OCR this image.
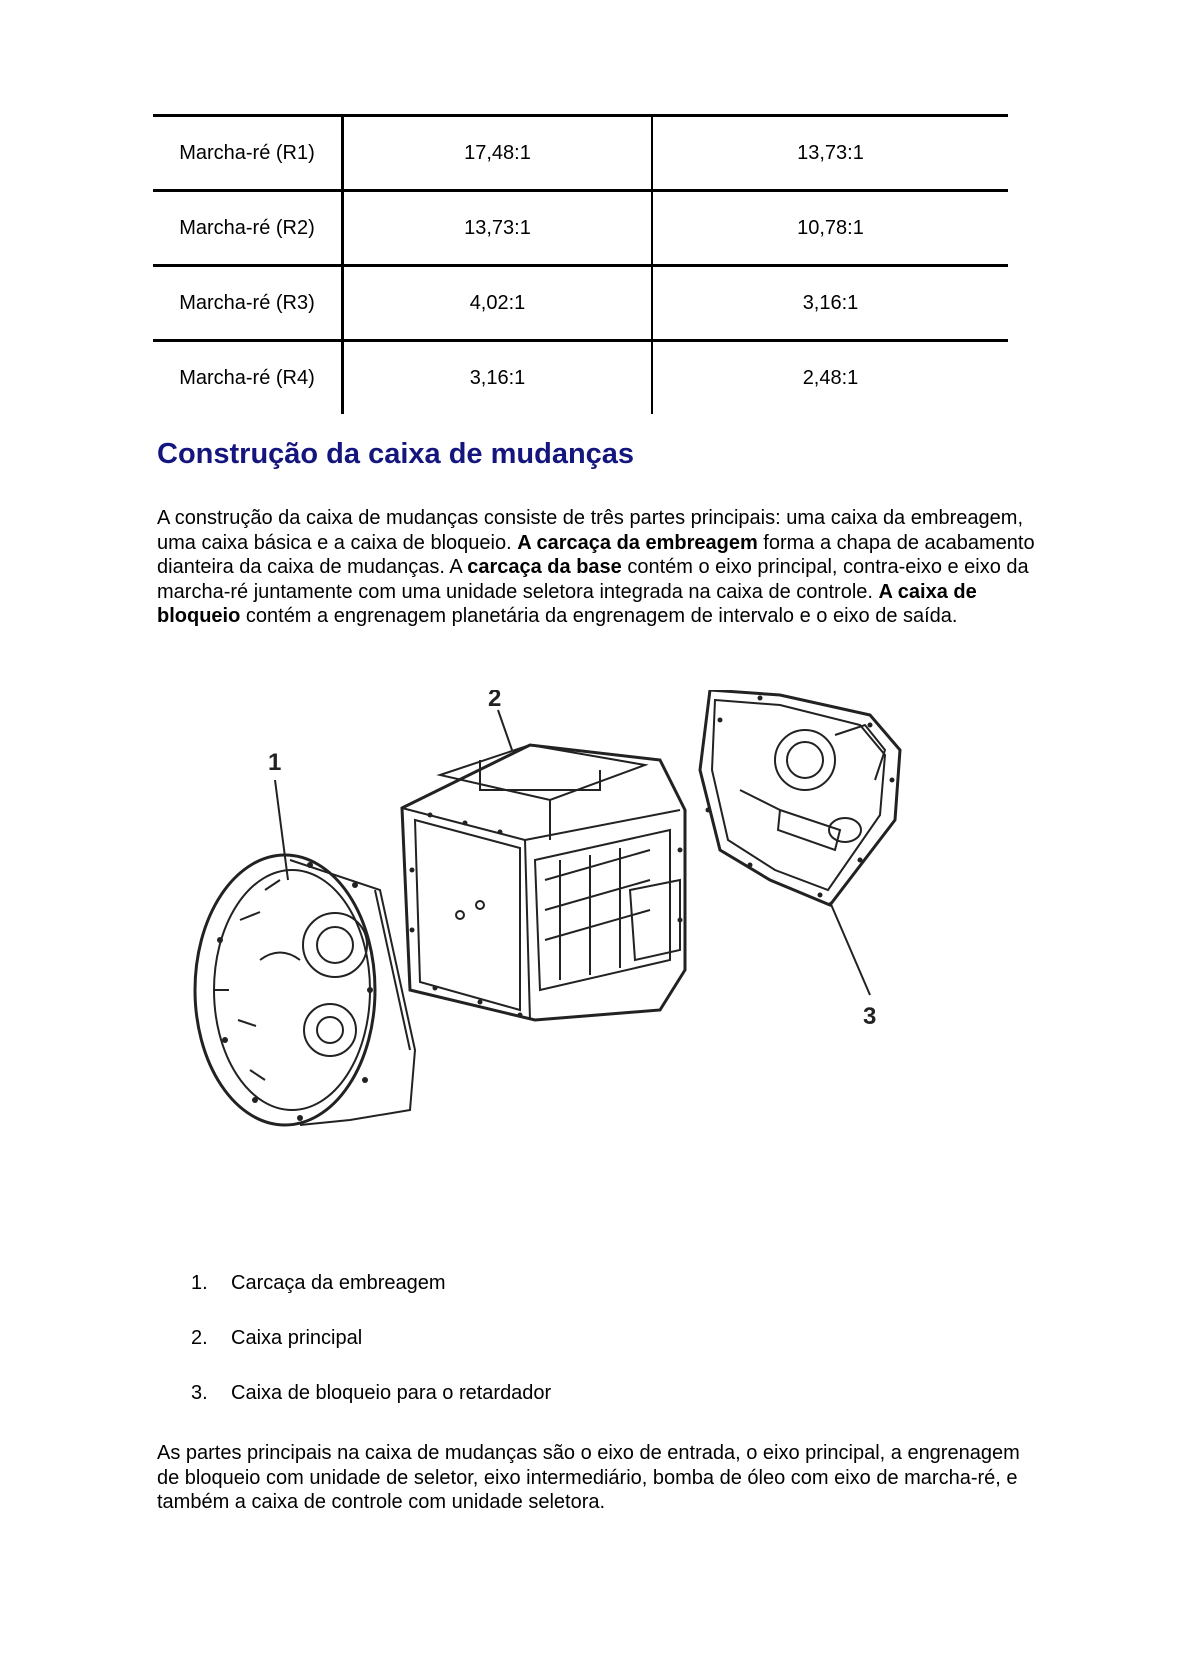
Marcha-ré (R1)	17,48:1	13,73:1
Marcha-ré (R2)	13,73:1	10,78:1
Marcha-ré (R3)	4,02:1	3,16:1
Marcha-ré (R4)	3,16:1	2,48:1
Construção da caixa de mudanças

A construção da caixa de mudanças consiste de três partes principais: uma caixa da embreagem, uma caixa básica e a caixa de bloqueio. A carcaça da embreagem forma a chapa de acabamento dianteira da caixa de mudanças. A carcaça da base contém o eixo principal, contra-eixo e eixo da marcha-ré juntamente com uma unidade seletora integrada na caixa de controle. A caixa de bloqueio contém a engrenagem planetária da engrenagem de intervalo e o eixo de saída.

1
2
3
1.	Carcaça da embreagem
2.	Caixa principal
3.	Caixa de bloqueio para o retardador

As partes principais na caixa de mudanças são o eixo de entrada, o eixo principal, a engrenagem de bloqueio com unidade de seletor, eixo intermediário, bomba de óleo com eixo de marcha-ré, e também a caixa de controle com unidade seletora.
